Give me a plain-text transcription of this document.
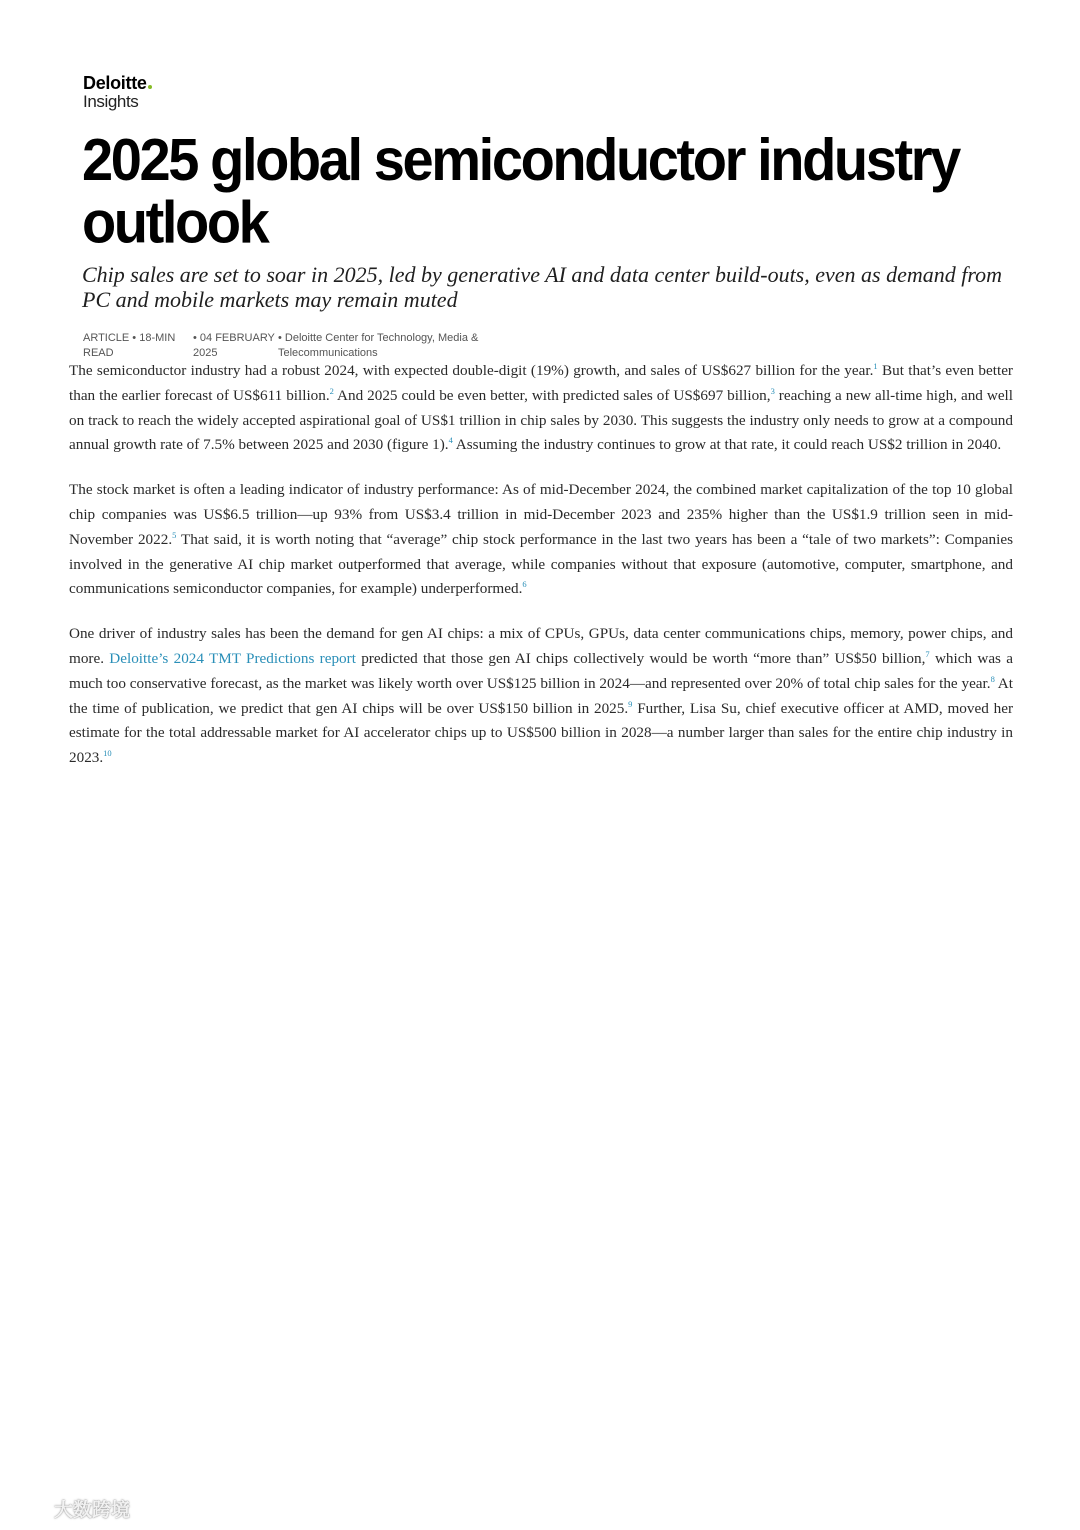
Deloitte
Insights
2025 global semiconductor industry outlook

Chip sales are set to soar in 2025, led by generative AI and data center build-outs, even as demand from PC and mobile markets may remain muted

ARTICLE • 18-MIN READ
• 04 FEBRUARY 2025
• Deloitte Center for Technology, Media & Telecommunications

The semiconductor industry had a robust 2024, with expected double-digit (19%) growth, and sales of US$627 billion for the year.$^1$ But that’s even better than the earlier forecast of US$611 billion.$^2$ And 2025 could be even better, with predicted sales of US$697 billion,$^3$ reaching a new all-time high, and well on track to reach the widely accepted aspirational goal of US$1 trillion in chip sales by 2030. This suggests the industry only needs to grow at a compound annual growth rate of 7.5% between 2025 and 2030 (figure 1).$^4$ Assuming the industry continues to grow at that rate, it could reach US$2 trillion in 2040.

The stock market is often a leading indicator of industry performance: As of mid-December 2024, the combined market capitalization of the top 10 global chip companies was US$6.5 trillion—up 93% from US$3.4 trillion in mid-December 2023 and 235% higher than the US$1.9 trillion seen in mid-November 2022.$^5$ That said, it is worth noting that “average” chip stock performance in the last two years has been a “tale of two markets”: Companies involved in the generative AI chip market outperformed that average, while companies without that exposure (automotive, computer, smartphone, and communications semiconductor companies, for example) underperformed.$^6$

One driver of industry sales has been the demand for gen AI chips: a mix of CPUs, GPUs, data center communications chips, memory, power chips, and more. Deloitte’s 2024 TMT Predictions report predicted that those gen AI chips collectively would be worth “more than” US$50 billion,$^7$ which was a much too conservative forecast, as the market was likely worth over US$125 billion in 2024—and represented over 20% of total chip sales for the year.$^8$ At the time of publication, we predict that gen AI chips will be over US$150 billion in 2025.$^9$ Further, Lisa Su, chief executive officer at AMD, moved her estimate for the total addressable market for AI accelerator chips up to US$500 billion in 2028—a number larger than sales for the entire chip industry in 2023.10

大数跨境
